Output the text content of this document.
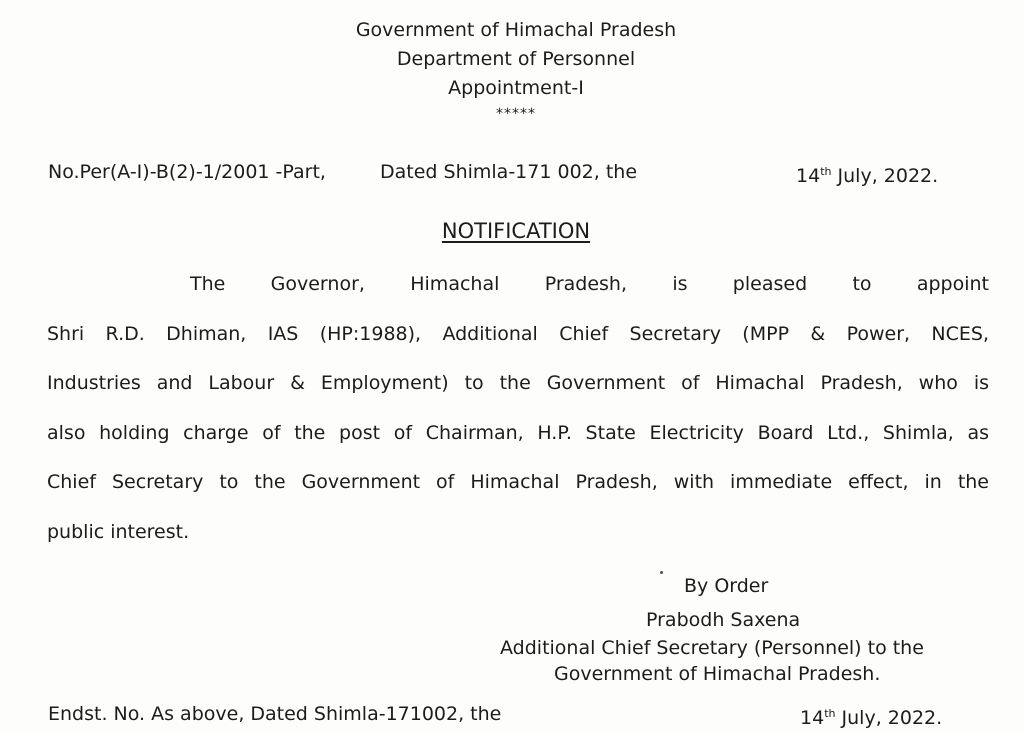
Government of Himachal Pradesh
Department of Personnel
Appointment-I
*****
No.Per(A-I)-B(2)-1/2001 -Part,	Dated Shimla-171 002, the	14th July, 2022.
NOTIFICATION
The Governor, Himachal Pradesh, is pleased to appoint
Shri R.D. Dhiman, IAS (HP:1988), Additional Chief Secretary (MPP & Power, NCES,
Industries and Labour & Employment) to the Government of Himachal Pradesh, who is
also holding charge of the post of Chairman, H.P. State Electricity Board Ltd., Shimla, as
Chief Secretary to the Government of Himachal Pradesh, with immediate effect, in the
public interest.
By Order
Prabodh Saxena
Additional Chief Secretary (Personnel) to the
Government of Himachal Pradesh.
Endst. No. As above, Dated Shimla-171002, the	14th July, 2022.
